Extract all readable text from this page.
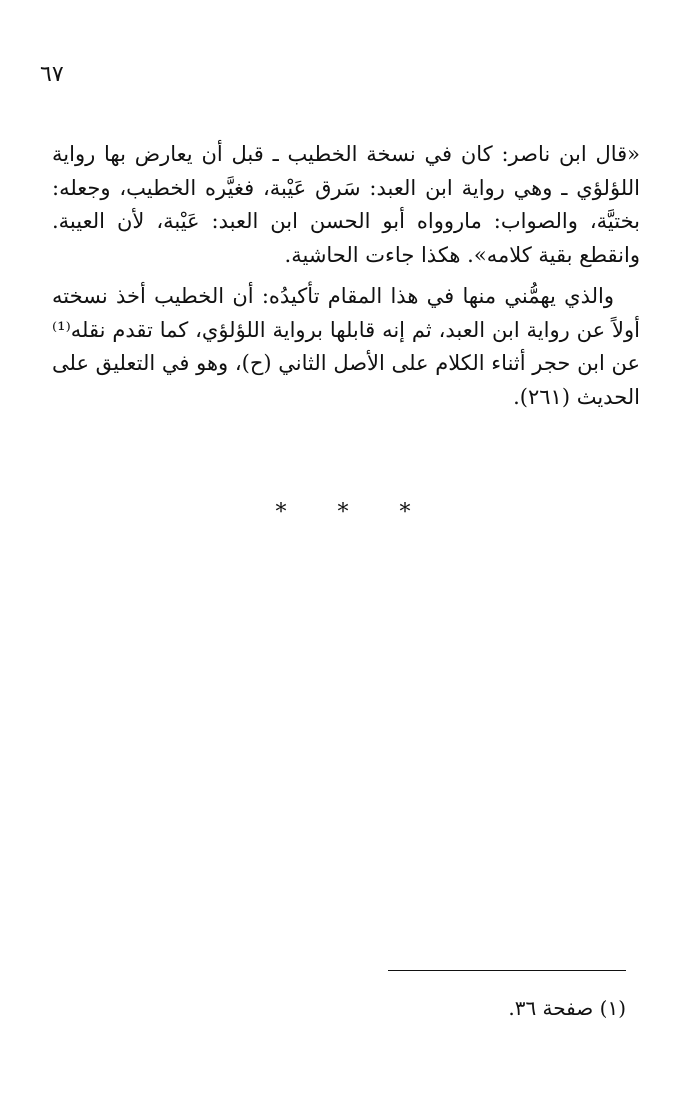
٦٧

«قال ابن ناصر: كان في نسخة الخطيب ـ قبل أن يعارض بها رواية اللؤلؤي ـ وهي رواية ابن العبد: سَرق عَيْبة، فغيَّره الخطيب، وجعله: بختيَّة، والصواب: ماروواه أبو الحسن ابن العبد: عَيْبة، لأن العيبة. وانقطع بقية كلامه». هكذا جاءت الحاشية.

والذي يهمُّني منها في هذا المقام تأكيدُه: أن الخطيب أخذ نسخته أولاً عن رواية ابن العبد، ثم إنه قابلها برواية اللؤلؤي، كما تقدم نقله⁽¹⁾ عن ابن حجر أثناء الكلام على الأصل الثاني (ح)، وهو في التعليق على الحديث (٢٦١).

* * *
(١) صفحة ٣٦.
